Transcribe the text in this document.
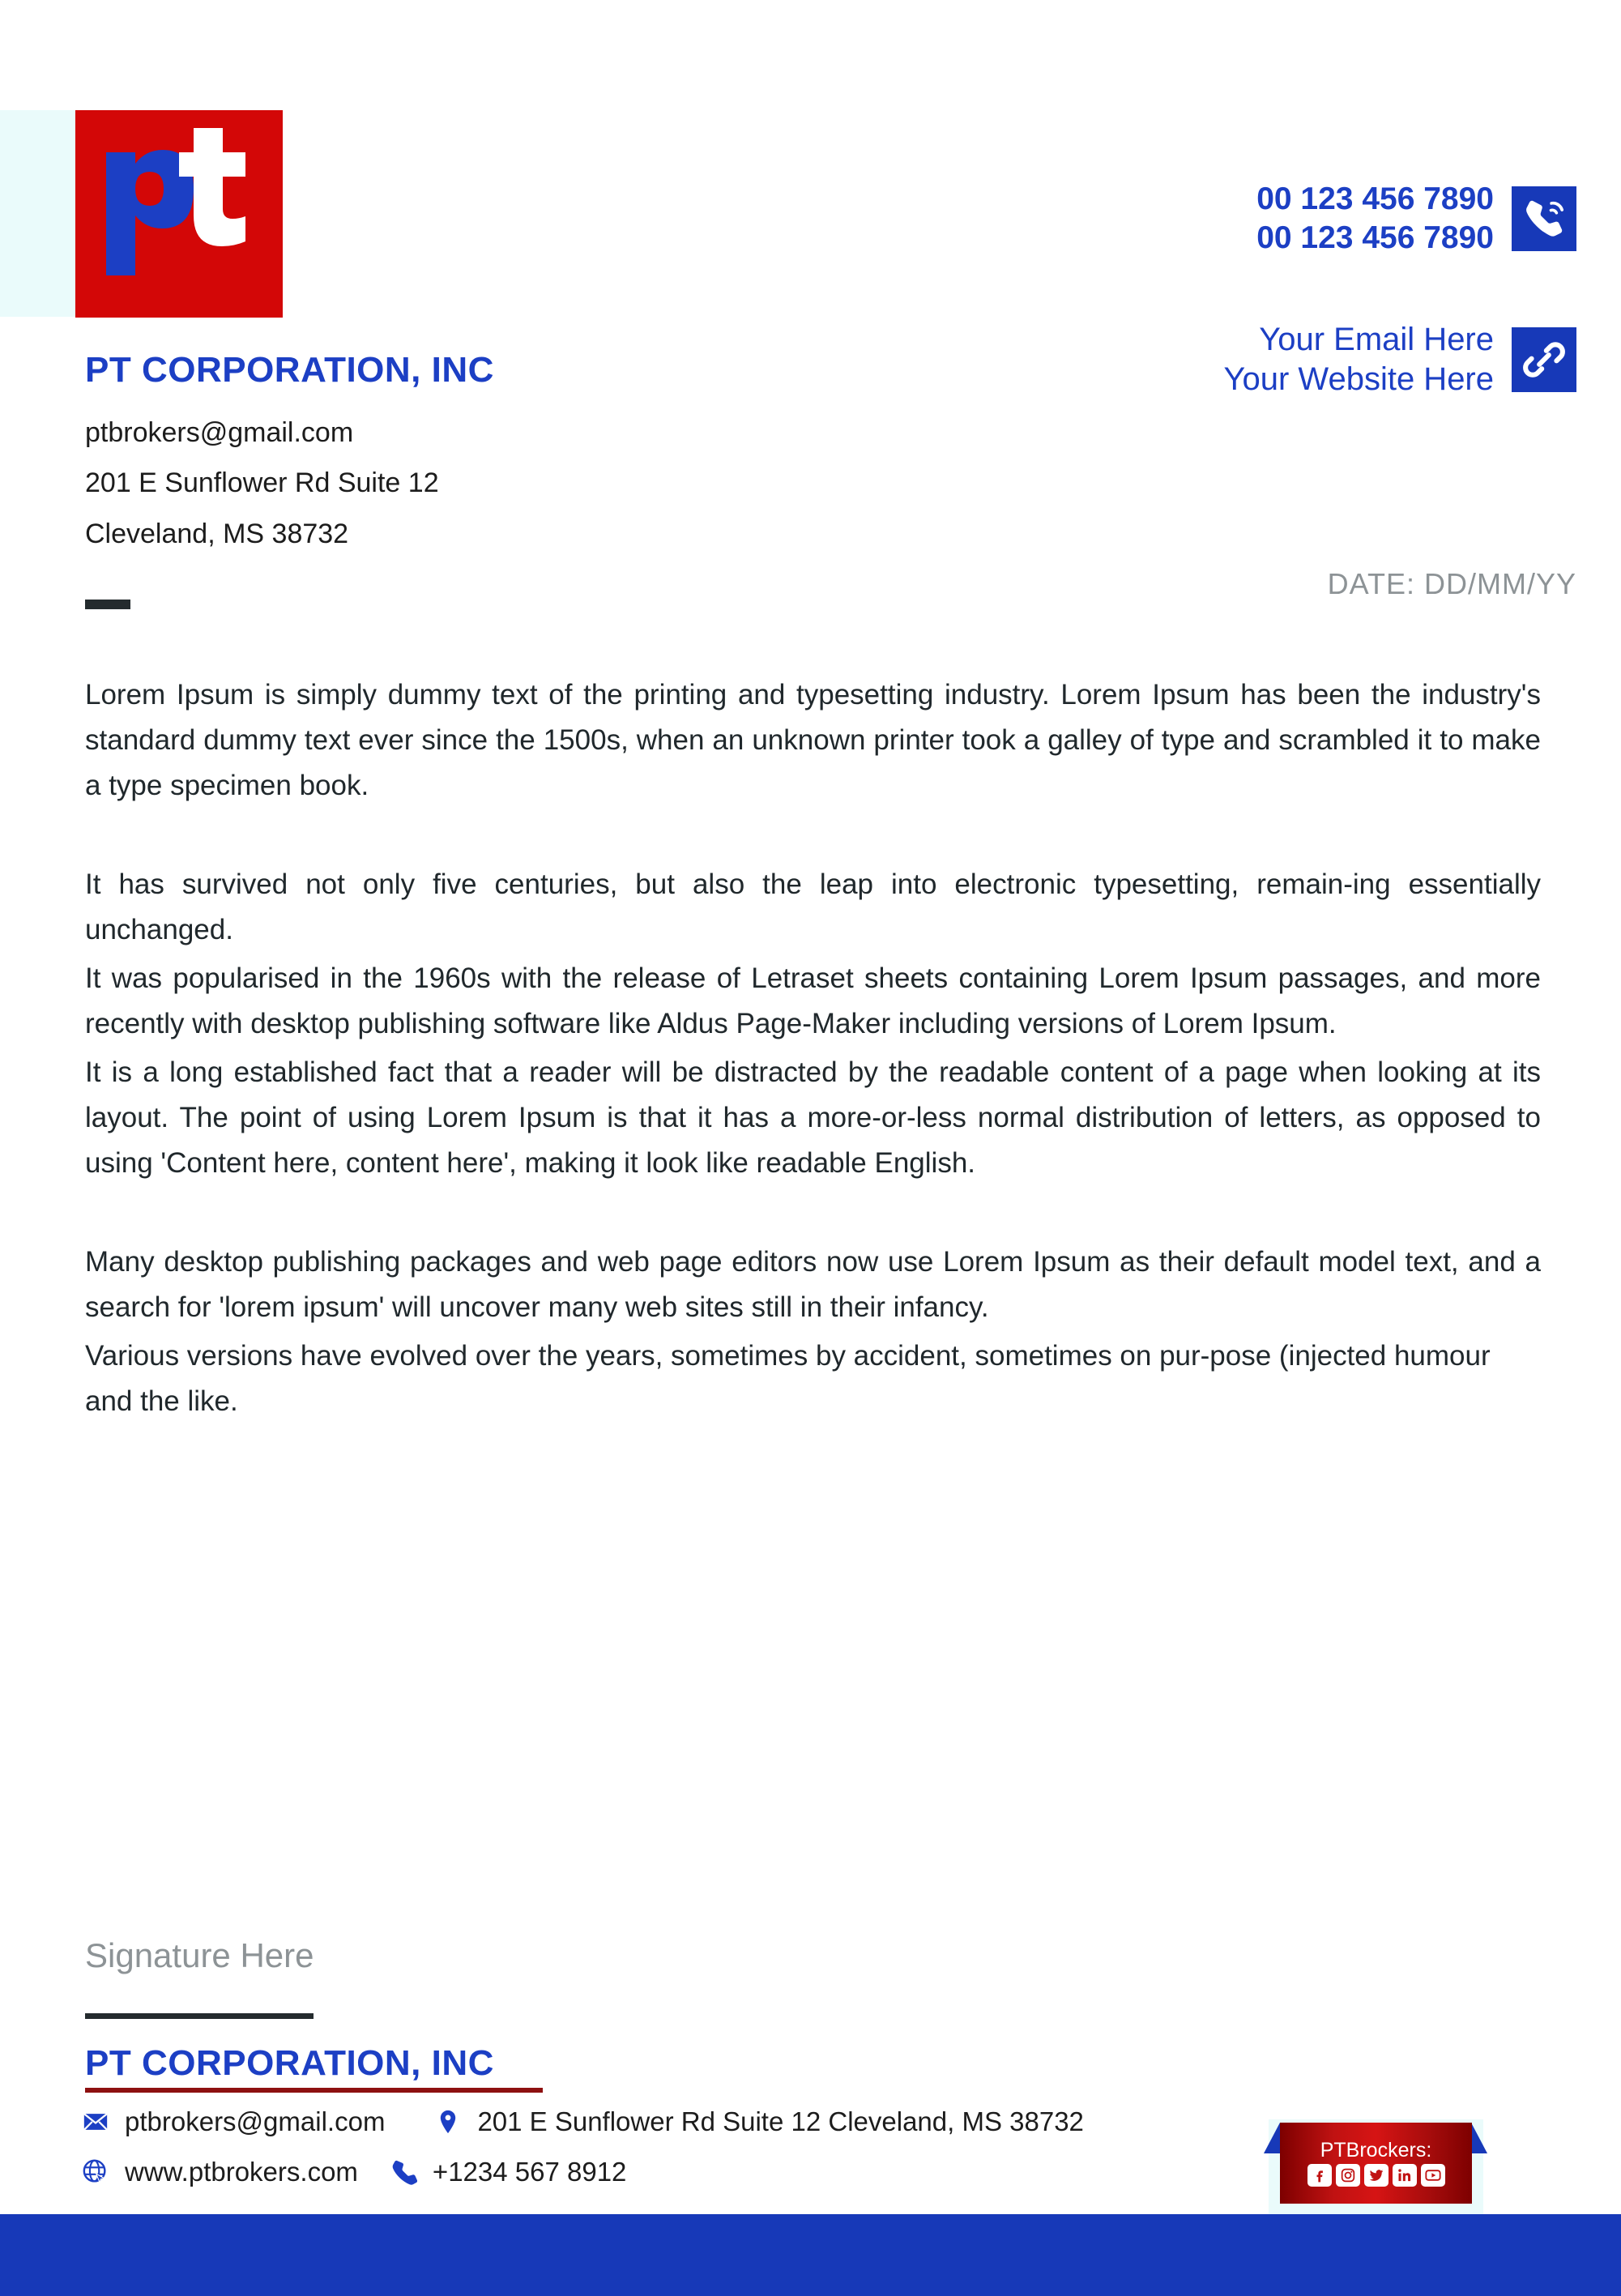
00 123 456 7890
00 123 456 7890
Your Email Here
Your Website Here
PT CORPORATION, INC
ptbrokers@gmail.com
201 E Sunflower Rd Suite 12
Cleveland, MS 38732
DATE: DD/MM/YY

Lorem Ipsum is simply dummy text of the printing and typesetting industry. Lorem Ipsum has been the industry's standard dummy text ever since the 1500s, when an unknown printer took a galley of type and scrambled it to make a type specimen book.

It has survived not only five centuries, but also the leap into electronic typesetting, remain-ing essentially unchanged.

It was popularised in the 1960s with the release of Letraset sheets containing Lorem Ipsum passages, and more recently with desktop publishing software like Aldus Page-Maker including versions of Lorem Ipsum.

It is a long established fact that a reader will be distracted by the readable content of a page when looking at its layout. The point of using Lorem Ipsum is that it has a more-or-less normal distribution of letters, as opposed to using 'Content here, content here', making it look like readable English.

Many desktop publishing packages and web page editors now use Lorem Ipsum as their default model text, and a search for 'lorem ipsum' will uncover many web sites still in their infancy.

Various versions have evolved over the years, sometimes by accident, sometimes on pur-pose (injected humour and the like.

Signature Here
PT CORPORATION, INC
ptbrokers@gmail.com	201 E Sunflower Rd Suite 12 Cleveland, MS 38732
www.ptbrokers.com	+1234 567 8912
PTBrockers:
